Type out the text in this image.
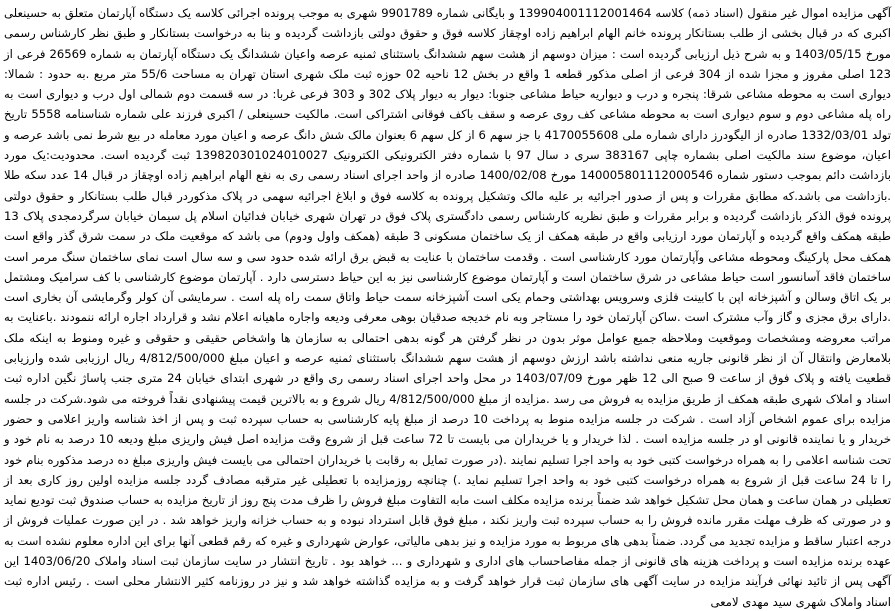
آگهی مزایده اموال غیر منقول (اسناد ذمه) کلاسه 139904001112001464 و بایگانی شماره 9901789 شهری به موجب پرونده اجرائی کلاسه یک دستگاه آپارتمان متعلق به حسینعلی اکبری که در قبال بخشی از طلب بستانکار پرونده خانم الهام ابراهیم زاده اوچقاز کلاسه فوق و حقوق دولتی بازداشت گردیده و بنا به درخواست بستانکار و طبق نظر کارشناس رسمی مورخ 1403/05/15 و به شرح ذیل ارزیابی گردیده است : میزان دوسهم از هشت سهم ششدانگ باستثنای ثمنیه عرصه واعیان ششدانگ یک دستگاه آپارتمان به شماره 26569 فرعی از 123 اصلی مفروز و مجزا شده از 304 فرعی از اصلی مذکور قطعه 1 واقع در بخش 12 ناحیه 02 حوزه ثبت ملک شهری استان تهران به مساحت 55/6 متر مربع .به حدود : شمالا: دیواری است به محوطه مشاعی شرقا: پنجره و درب و دیواریه حیاط مشاعی جنوبا: دیوار به دیوار پلاک 302 و 303 فرعی غربا: در سه قسمت دوم شمالی اول درب و دیواری است به راه پله مشاعی دوم و سوم دیواری است به محوطه مشاعی کف روی عرصه و سقف باکف فوقانی اشتراکی است. مالکیت حسینعلی / اکبری فرزند علی شماره شناسنامه 5558 تاریخ تولد 1332/03/01 صادره از الیگودرز دارای شماره ملی 4170055608 با جز سهم 6 از کل سهم 6 بعنوان مالک شش دانگ عرصه و اعیان مورد معامله در بیع شرط نمی باشد عرصه و اعیان، موضوع سند مالکیت اصلی بشماره چاپی 383167 سری د سال 97 با شماره دفتر الکترونیکی الکترونیک 139820301024010027 ثبت گردیده است. محدودیت:یک مورد بازداشت دائم بموجب دستور شماره 140005801112000546 مورخ 1400/02/08 صادره از واحد اجرای اسناد رسمی ری به نفع الهام ابراهیم زاده اوچقاز در قبال 14 عدد سکه طلا .بازداشت می باشد.که مطابق مقررات و پس از صدور اجرائیه بر علیه مالک وتشکیل پرونده به کلاسه فوق و ابلاغ اجرائیه سهمی در پلاک مذکوردر قبال طلب بستانکار و حقوق دولتی پرونده فوق الذکر بازداشت گردیده و برابر مقررات و طبق نظریه کارشناس رسمی دادگستری پلاک فوق در تهران شهری خیابان فدائیان اسلام پل سیمان خیابان سرگردمجدی پلاک 13 طبقه همکف واقع گردیده و آپارتمان مورد ارزیابی واقع در طبقه همکف از یک ساختمان مسکونی 3 طبقه (همکف واول ودوم) می باشد که موقعیت ملک در سمت شرق گذر واقع است همکف محل پارکینگ ومحوطه مشاعی وآپارتمان مورد کارشناسی است . وقدمت ساختمان با عنایت به قبض برق ارائه شده حدود سی و سه سال است نمای ساختمان سنگ مرمر است ساختمان فاقد آسانسور است حیاط مشاعی در شرق ساختمان است و آپارتمان موضوع کارشناسی نیز به این حیاط دسترسی دارد . آپارتمان موضوع کارشناسی با کف سرامیک ومشتمل بر یک اتاق وسالن و آشپزخانه اپن با کابینت فلزی وسرویس بهداشتی وحمام یکی است آشپزخانه سمت حیاط واتاق سمت راه پله است . سرمایشی آن کولر وگرمایشی آن بخاری است .دارای برق مجزی و گاز وآب مشترک است .ساکن آپارتمان خود را مستاجر وبه نام خدیجه صدقیان بوهی معرفی ودیعه واجاره ماهیانه اعلام نشد و قرارداد اجاره ارائه ننمودند .باعنایت به مراتب معروضه ومشخصات وموقعیت وملاحظه جمیع عوامل موثر بدون در نظر گرفتن هر گونه بدهی احتمالی به سازمان ها واشخاص حقیقی و حقوقی و غیره ومنوط به اینکه ملک بلامعارض وانتقال آن از نظر قانونی جاریه منعی نداشته باشد ارزش دوسهم از هشت سهم ششدانگ باستثنای ثمنیه عرصه و اعیان مبلغ 4/812/500/000 ریال ارزیابی شده وارزیابی قطعیت یافته و پلاک فوق از ساعت 9 صبح الی 12 ظهر مورخ 1403/07/09 در محل واحد اجرای اسناد رسمی ری واقع در شهری ابتدای خیابان 24 متری جنب پاساژ نگین اداره ثبت اسناد و املاک شهری طبقه همکف از طریق مزایده به فروش می رسد .مزایده از مبلغ 4/812/500/000 ریال شروع و به بالاترین قیمت پیشنهادی نقداً فروخته می شود.شرکت در جلسه مزایده برای عموم اشخاص آزاد است . شرکت در جلسه مزایده منوط به پرداخت 10 درصد از مبلغ پایه کارشناسی به حساب سپرده ثبت و پس از اخذ شناسه واریز اعلامی و حضور خریدار و یا نماینده قانونی او در جلسه مزایده است . لذا خریدار و یا خریداران می بایست تا 72 ساعت قبل از شروع وقت مزایده اصل فیش واریزی مبلغ ودیعه 10 درصد به نام خود و تحت شناسه اعلامی را به همراه درخواست کتبی خود به واحد اجرا تسلیم نمایند .(در صورت تمایل به رقابت با خریداران احتمالی می بایست فیش واریزی مبلغ ده درصد مذکوره بنام خود را تا 24 ساعت قبل از شروع به همراه درخواست کتبی خود به واحد اجرا تسلیم نماید .) چنانچه روزمزایده با تعطیلی غیر مترقبه مصادف گردد جلسه مزایده اولین روز کاری بعد از تعطیلی در همان ساعت و همان محل تشکیل خواهد شد ضمناً برنده مزایده مکلف است مابه التفاوت مبلغ فروش را ظرف مدت پنج روز از تاریخ مزایده به حساب صندوق ثبت تودیع نماید و در صورتی که ظرف مهلت مقرر مانده فروش را به حساب سپرده ثبت واریز نکند ، مبلغ فوق قابل استرداد نبوده و به حساب خزانه واریز خواهد شد . در این صورت عملیات فروش از درجه اعتبار ساقط و مزایده تجدید می گردد. ضمناً بدهی های مربوط به مورد مزایده و نیز بدهی مالیاتی، عوارض شهرداری و غیره که رقم قطعی آنها برای این اداره معلوم نشده است به عهده برنده مزایده است و پرداخت هزینه های قانونی از جمله مفاصاحساب های اداری و شهرداری و ... خواهد بود . تاریخ انتشار در سایت سازمان ثبت اسناد واملاک 1403/06/20 این آگهی پس از تائید نهائی فرآیند مزایده در سایت آگهی های سازمان ثبت قرار خواهد گرفت و به مزایده گذاشته خواهد شد و نیز در روزنامه کثیر الانتشار محلی است . رئیس اداره ثبت اسناد واملاک شهری سید مهدی لامعی
